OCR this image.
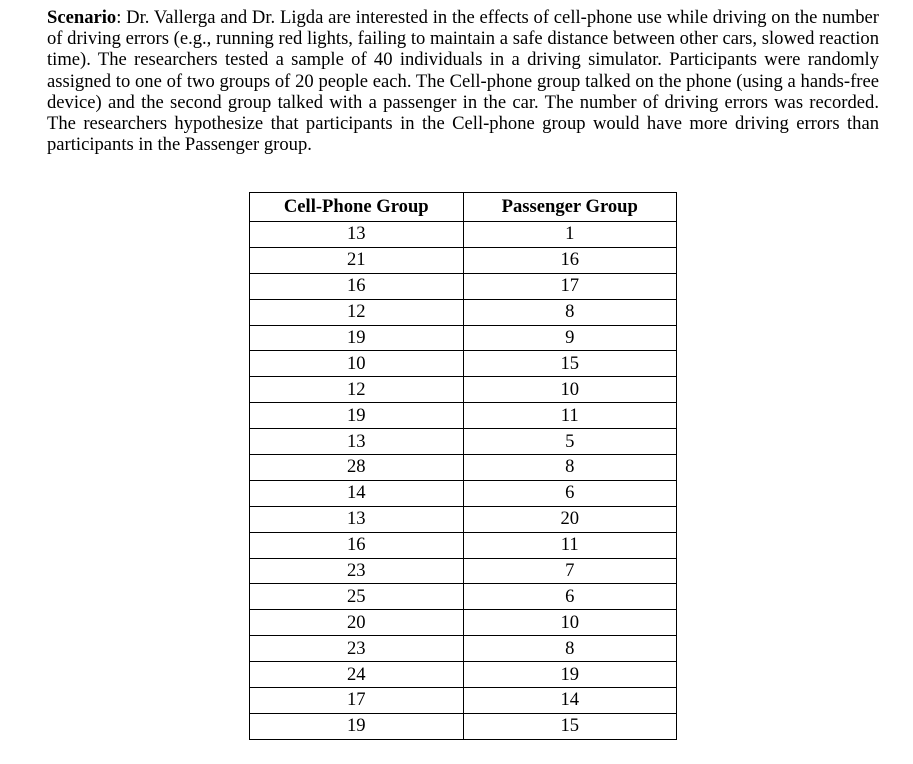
Scenario: Dr. Vallerga and Dr. Ligda are interested in the effects of cell-phone use while driving on the number of driving errors (e.g., running red lights, failing to maintain a safe distance between other cars, slowed reaction time). The researchers tested a sample of 40 individuals in a driving simulator. Participants were randomly assigned to one of two groups of 20 people each. The Cell-phone group talked on the phone (using a hands-free device) and the second group talked with a passenger in the car. The number of driving errors was recorded. The researchers hypothesize that participants in the Cell-phone group would have more driving errors than participants in the Passenger group.

Cell-Phone Group	Passenger Group
13	1
21	16
16	17
12	8
19	9
10	15
12	10
19	11
13	5
28	8
14	6
13	20
16	11
23	7
25	6
20	10
23	8
24	19
17	14
19	15
